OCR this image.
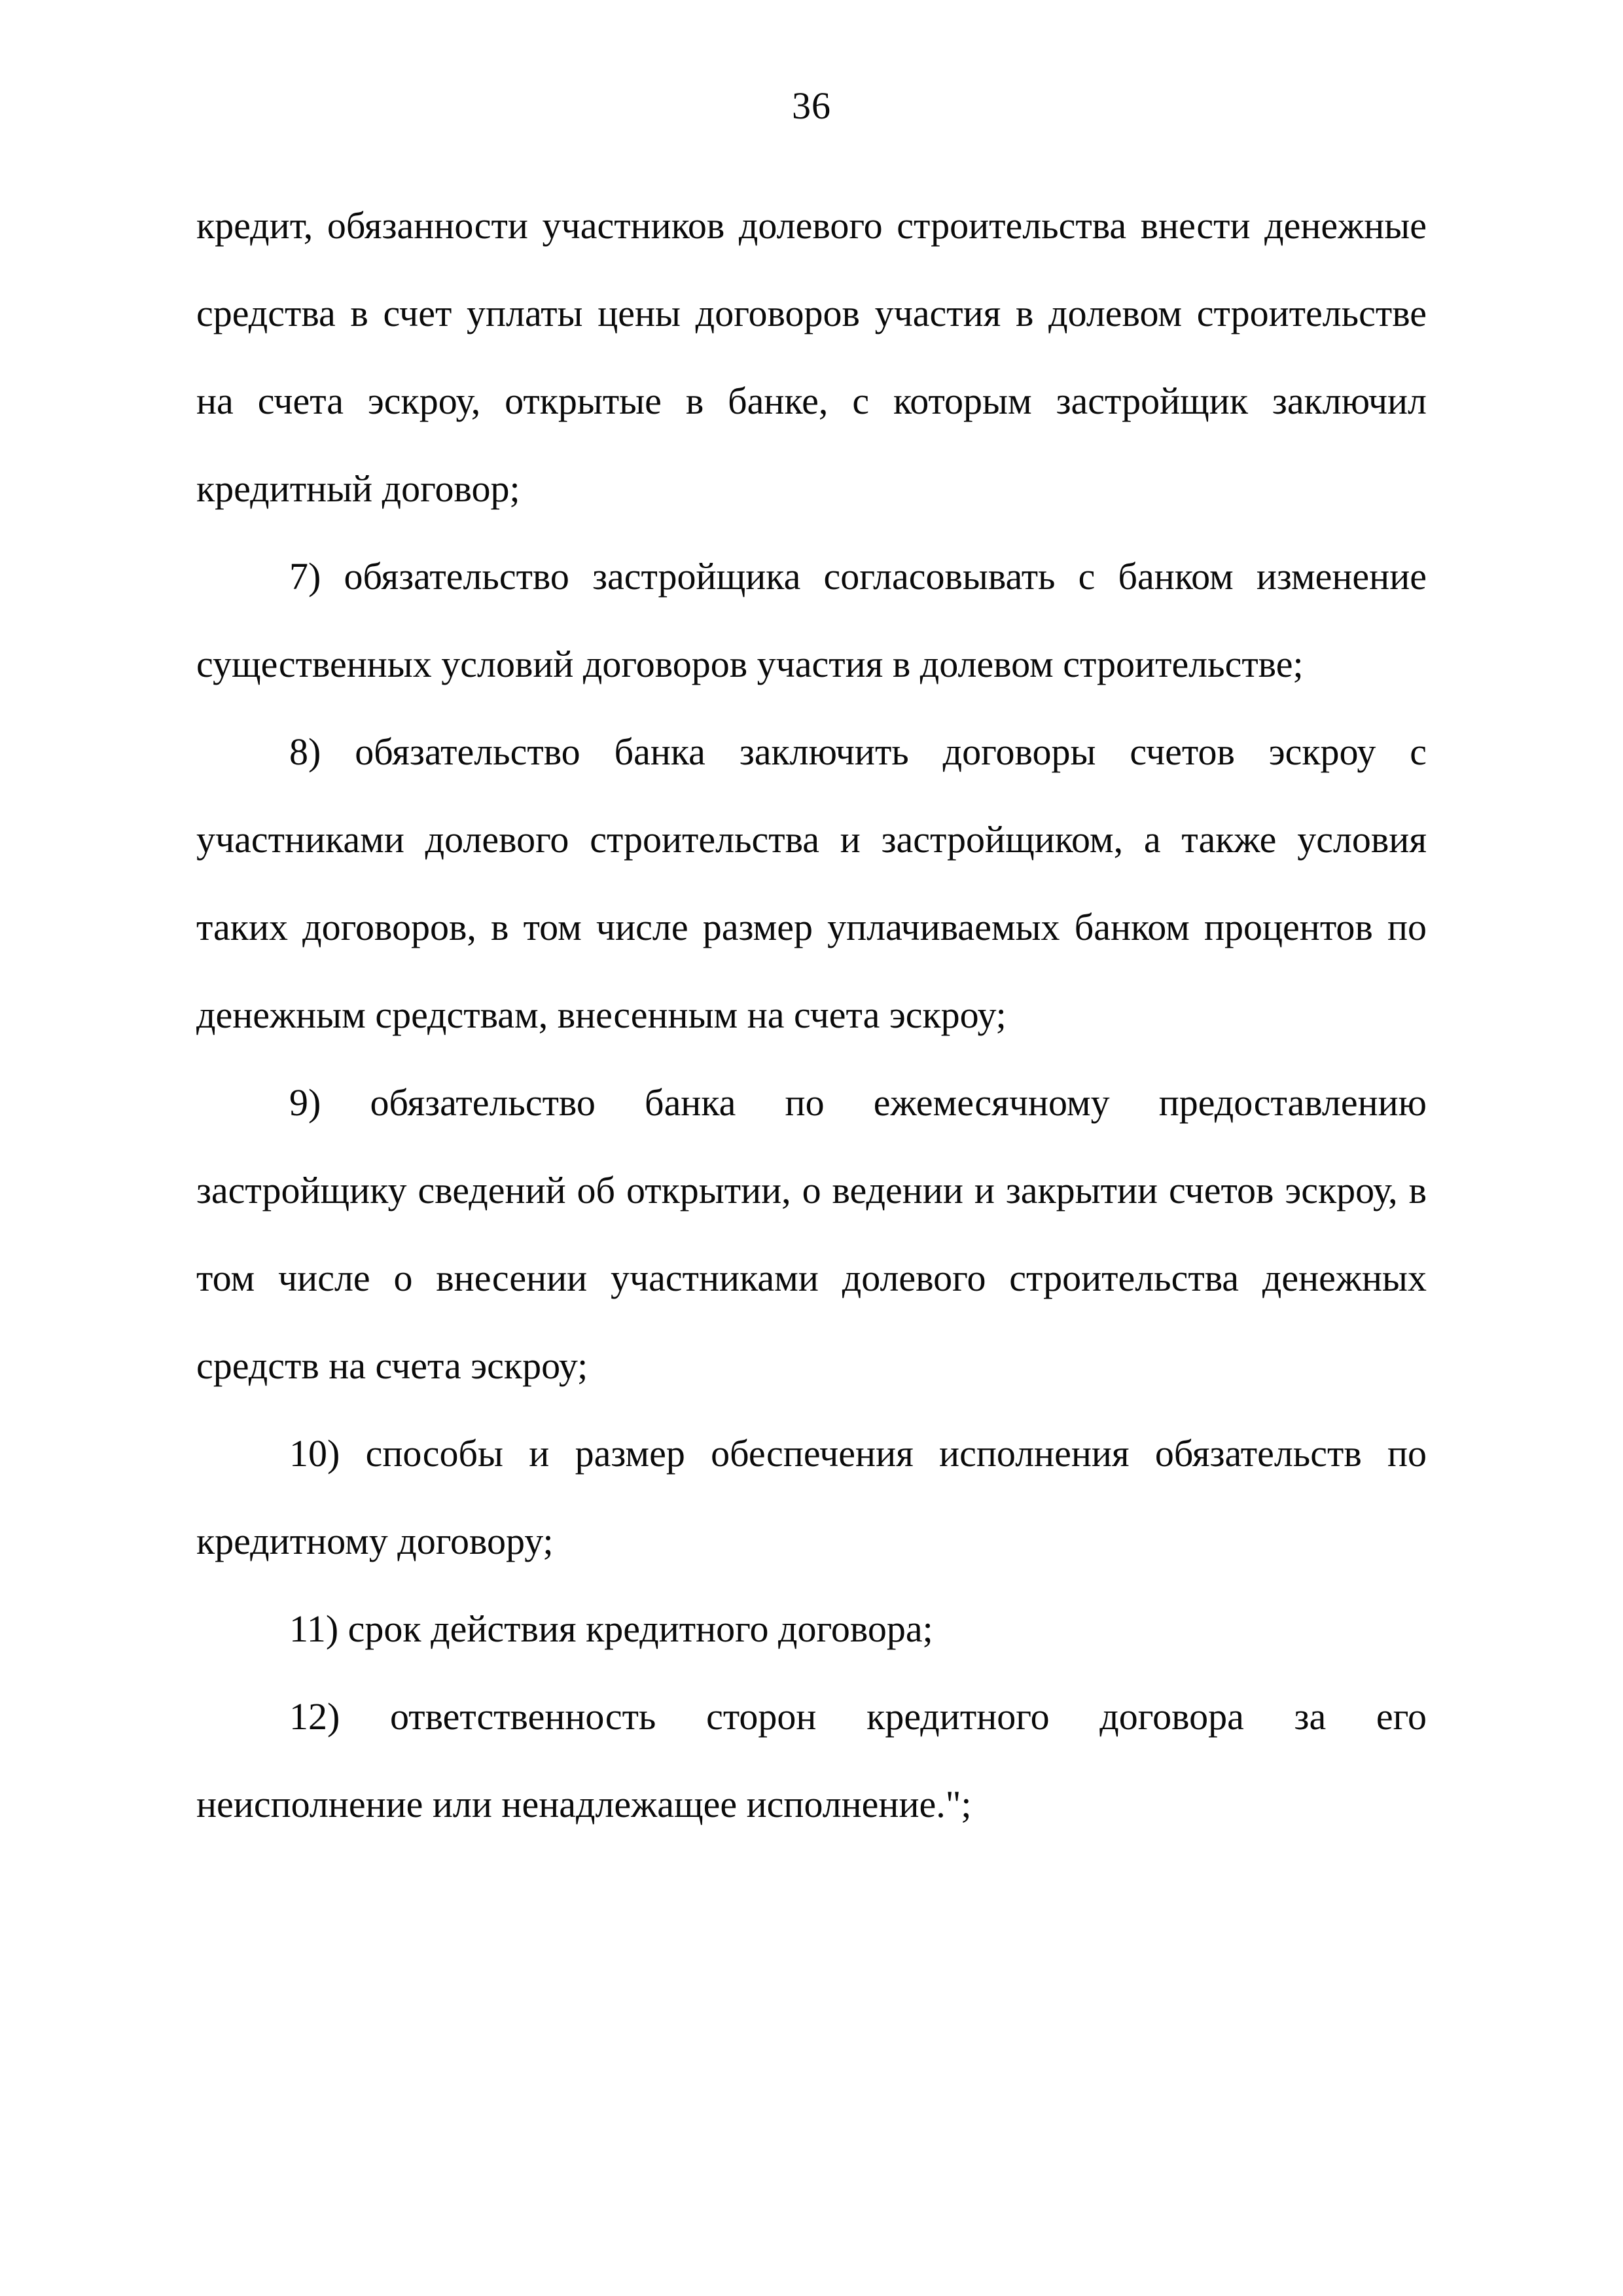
36
кредит, обязанности участников долевого строительства внести денежные
средства в счет уплаты цены договоров участия в долевом строительстве
на счета эскроу, открытые в банке, с которым застройщик заключил
кредитный договор;
7) обязательство застройщика согласовывать с банком изменение
существенных условий договоров участия в долевом строительстве;
8) обязательство банка заключить договоры счетов эскроу с
участниками долевого строительства и застройщиком, а также условия
таких договоров, в том числе размер уплачиваемых банком процентов по
денежным средствам, внесенным на счета эскроу;
9) обязательство банка по ежемесячному предоставлению
застройщику сведений об открытии, о ведении и закрытии счетов эскроу, в
том числе о внесении участниками долевого строительства денежных
средств на счета эскроу;
10) способы и размер обеспечения исполнения обязательств по
кредитному договору;
11) срок действия кредитного договора;
12) ответственность сторон кредитного договора за его
неисполнение или ненадлежащее исполнение.";
